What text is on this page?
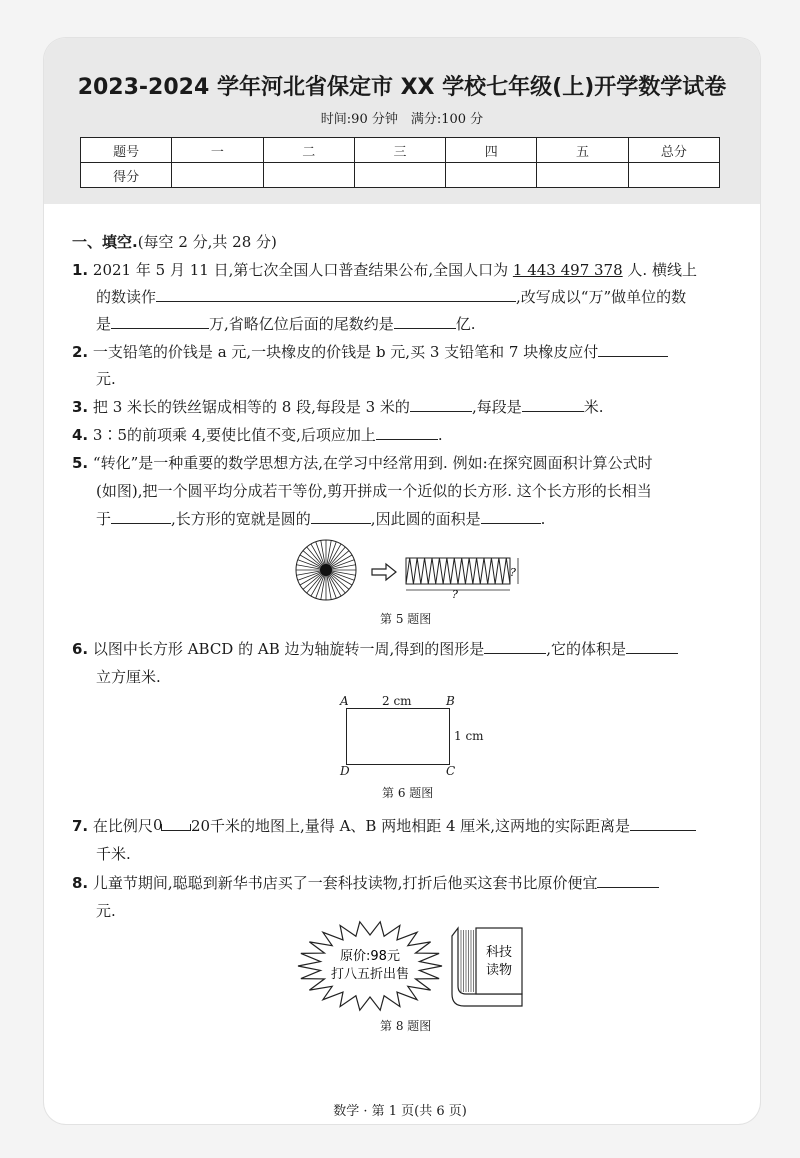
2023-2024 学年河北省保定市 XX 学校七年级(上)开学数学试卷
时间:90 分钟　满分:100 分
题号	一	二	三	四	五	总分
得分						
一、填空.(每空 2 分,共 28 分)
1. 2021 年 5 月 11 日,第七次全国人口普查结果公布,全国人口为 1 443 497 378 人. 横线上
的数读作	,改写成以“万”做单位的数
是	万,省略亿位后面的尾数约是	亿.
2. 一支铅笔的价钱是 a 元,一块橡皮的价钱是 b 元,买 3 支铅笔和 7 块橡皮应付
元.
3. 把 3 米长的铁丝锯成相等的 8 段,每段是 3 米的	,每段是	米.
4. 3∶5的前项乘 4,要使比值不变,后项应加上	.
5. “转化”是一种重要的数学思想方法,在学习中经常用到. 例如:在探究圆面积计算公式时
(如图),把一个圆平均分成若干等份,剪开拼成一个近似的长方形. 这个长方形的长相当
于	,长方形的宽就是圆的	,因此圆的面积是	.
?
?
第 5 题图
6. 以图中长方形 ABCD 的 AB 边为轴旋转一周,得到的图形是	,它的体积是
立方厘米.
A	B
D	C
2 cm
1 cm
第 6 题图
7. 在比例尺 0 20千米的地图上,量得 A、B 两地相距 4 厘米,这两地的实际距离是
千米.
8. 儿童节期间,聪聪到新华书店买了一套科技读物,打折后他买这套书比原价便宜
元.
原价:98元
打八五折出售
科技
读物
第 8 题图
数学 · 第 1 页(共 6 页)
